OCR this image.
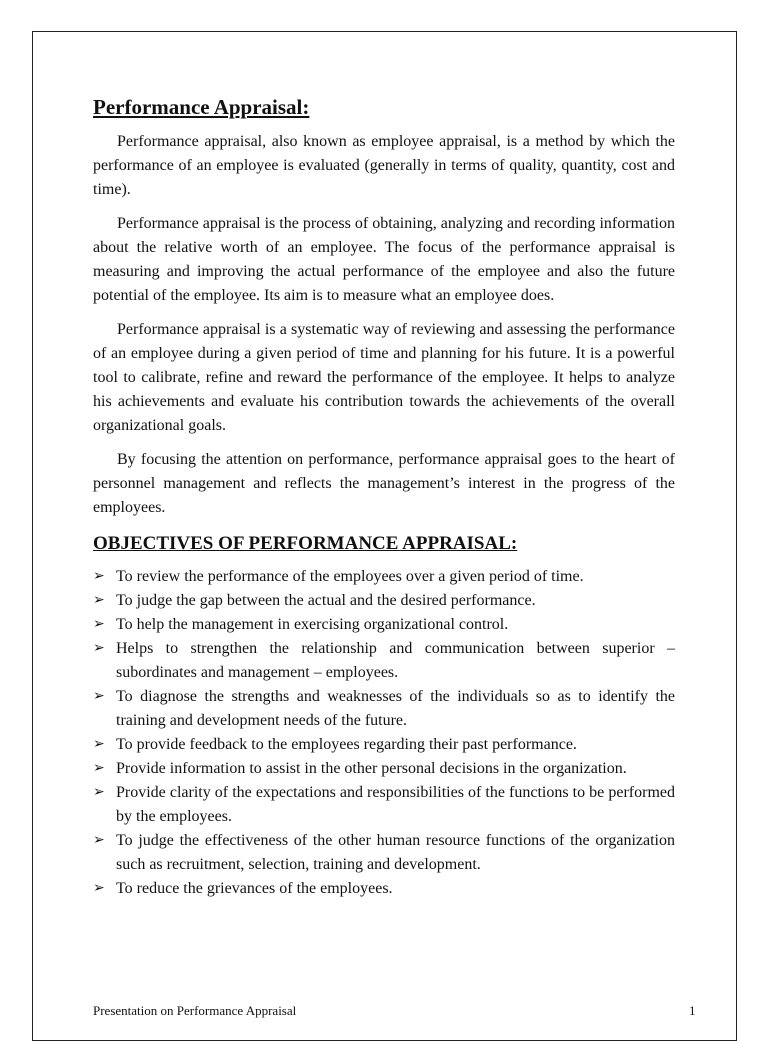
Performance Appraisal:

Performance appraisal, also known as employee appraisal, is a method by which the performance of an employee is evaluated (generally in terms of quality, quantity, cost and time).

Performance appraisal is the process of obtaining, analyzing and recording information about the relative worth of an employee. The focus of the performance appraisal is measuring and improving the actual performance of the employee and also the future potential of the employee. Its aim is to measure what an employee does.

Performance appraisal is a systematic way of reviewing and assessing the performance of an employee during a given period of time and planning for his future. It is a powerful tool to calibrate, refine and reward the performance of the employee. It helps to analyze his achievements and evaluate his contribution towards the achievements of the overall organizational goals.

By focusing the attention on performance, performance appraisal goes to the heart of personnel management and reflects the management’s interest in the progress of the employees.

OBJECTIVES OF PERFORMANCE APPRAISAL:
➢ To review the performance of the employees over a given period of time.
➢ To judge the gap between the actual and the desired performance.
➢ To help the management in exercising organizational control.
➢ Helps to strengthen the relationship and communication between superior – subordinates and management – employees.
➢ To diagnose the strengths and weaknesses of the individuals so as to identify the training and development needs of the future.
➢ To provide feedback to the employees regarding their past performance.
➢ Provide information to assist in the other personal decisions in the organization.
➢ Provide clarity of the expectations and responsibilities of the functions to be performed by the employees.
➢ To judge the effectiveness of the other human resource functions of the organization such as recruitment, selection, training and development.
➢ To reduce the grievances of the employees.
Presentation on Performance Appraisal	1
